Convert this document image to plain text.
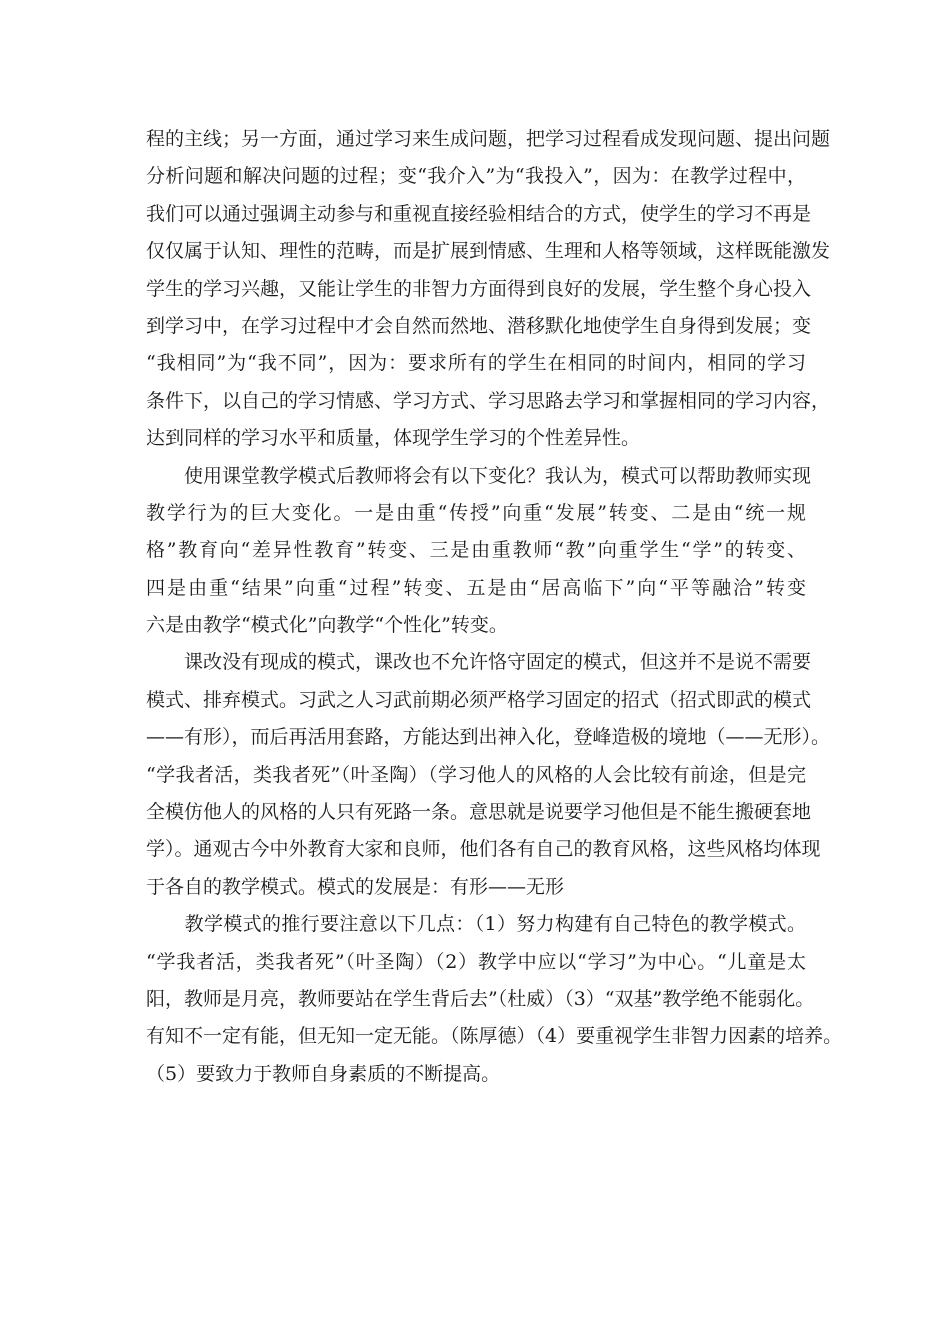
程的主线；另一方面，通过学习来生成问题，把学习过程看成发现问题、提出问题
分析问题和解决问题的过程；变“我介入”为“我投入”，因为：在教学过程中，
我们可以通过强调主动参与和重视直接经验相结合的方式，使学生的学习不再是
仅仅属于认知、理性的范畴，而是扩展到情感、生理和人格等领域，这样既能激发
学生的学习兴趣，又能让学生的非智力方面得到良好的发展，学生整个身心投入
到学习中，在学习过程中才会自然而然地、潜移默化地使学生自身得到发展；变
“我相同”为“我不同”，因为：要求所有的学生在相同的时间内，相同的学习
条件下，以自己的学习情感、学习方式、学习思路去学习和掌握相同的学习内容，
达到同样的学习水平和质量，体现学生学习的个性差异性。
　　使用课堂教学模式后教师将会有以下变化？我认为，模式可以帮助教师实现
教学行为的巨大变化。一是由重“传授”向重“发展”转变、二是由“统一规
格”教育向“差异性教育”转变、三是由重教师“教”向重学生“学”的转变、
四是由重“结果”向重“过程”转变、五是由“居高临下”向“平等融洽”转变
六是由教学“模式化”向教学“个性化”转变。
　　课改没有现成的模式，课改也不允许恪守固定的模式，但这并不是说不需要
模式、排弃模式。习武之人习武前期必须严格学习固定的招式（招式即武的模式
——有形），而后再活用套路，方能达到出神入化，登峰造极的境地（——无形）。
“学我者活，类我者死”（叶圣陶）（学习他人的风格的人会比较有前途，但是完
全模仿他人的风格的人只有死路一条。意思就是说要学习他但是不能生搬硬套地
学）。通观古今中外教育大家和良师，他们各有自己的教育风格，这些风格均体现
于各自的教学模式。模式的发展是：有形——无形
　　教学模式的推行要注意以下几点：（1）努力构建有自己特色的教学模式。
“学我者活，类我者死”（叶圣陶）（2）教学中应以“学习”为中心。“儿童是太
阳，教师是月亮，教师要站在学生背后去”（杜威）（3）“双基”教学绝不能弱化。
有知不一定有能，但无知一定无能。（陈厚德）（4）要重视学生非智力因素的培养。
（5）要致力于教师自身素质的不断提高。
